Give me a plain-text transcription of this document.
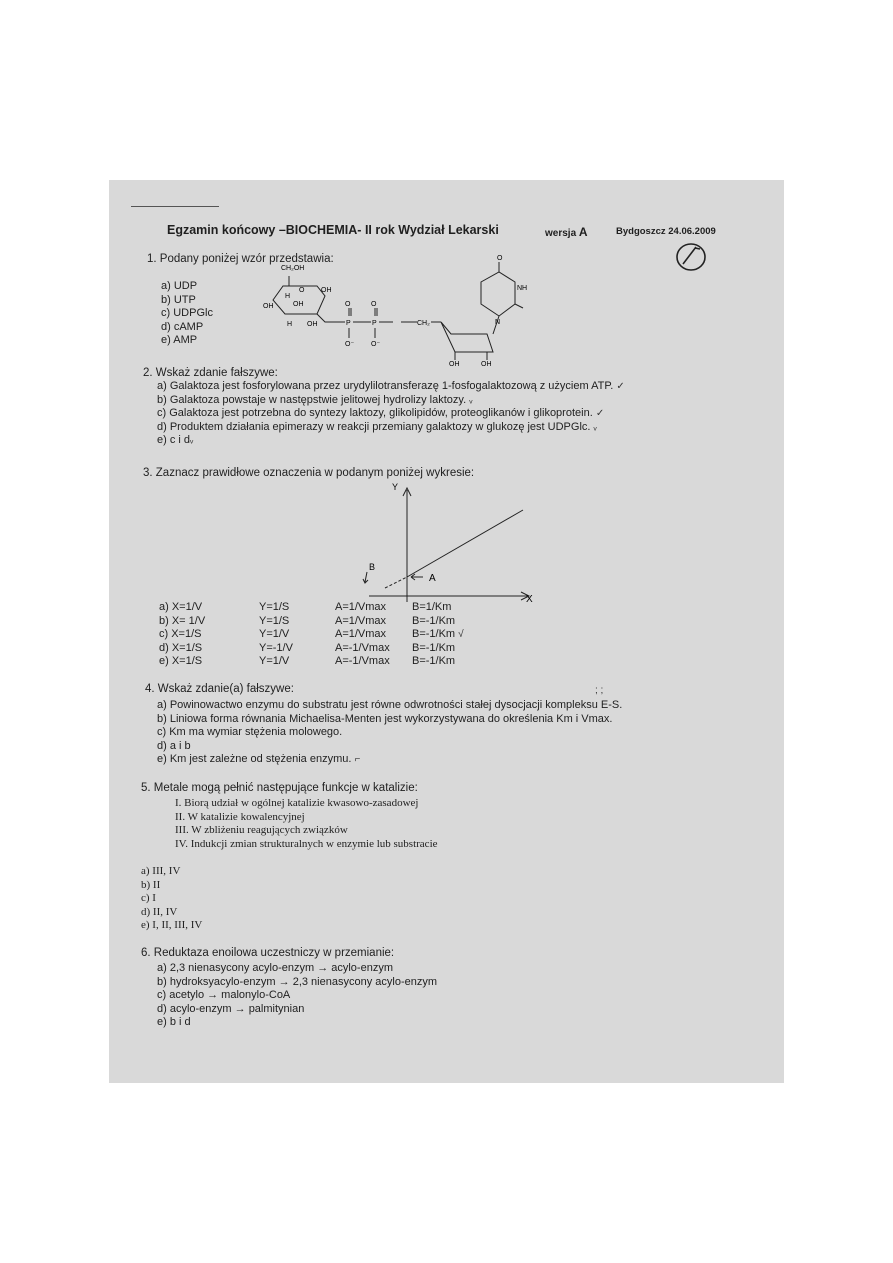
Egzamin końcowy –BIOCHEMIA- II rok Wydział Lekarski	wersja A	Bydgoszcz 24.06.2009
1. Podany poniżej wzór przedstawia:
a) UDP
b) UTP
c) UDPGlc
d) cAMP
e) AMP
CH₂OH
O OH
OH
H
OH
H OH
O	O
P	P
O⁻ O⁻
CH₂
NH
N
O
OH	OH
2. Wskaż zdanie fałszywe:
a) Galaktoza jest fosforylowana przez urydylilotransferazę 1-fosfogalaktozową z użyciem ATP. ✓
b) Galaktoza powstaje w następstwie jelitowej hydrolizy laktozy. ᵥ
c) Galaktoza jest potrzebna do syntezy laktozy, glikolipidów, proteoglikanów i glikoprotein. ✓
d) Produktem działania epimerazy w reakcji przemiany galaktozy w glukozę jest UDPGlc. ᵥ
e) c i dᵥ
3. Zaznacz prawidłowe oznaczenia w podanym poniżej wykresie:
Y
X
A
B
a) X=1/V	Y=1/S	A=1/Vmax B=1/Km
b) X= 1/V	Y=1/S	A=1/Vmax B=-1/Km
c) X=1/S	Y=1/V	A=1/Vmax B=-1/Km √
d) X=1/S	Y=-1/V	A=-1/Vmax B=-1/Km
e) X=1/S	Y=1/V	A=-1/Vmax B=-1/Km
4. Wskaż zdanie(a) fałszywe:	; ;
a) Powinowactwo enzymu do substratu jest równe odwrotności stałej dysocjacji kompleksu E-S.
b) Liniowa forma równania Michaelisa-Menten jest wykorzystywana do określenia Km i Vmax.
c) Km ma wymiar stężenia molowego.
d) a i b
e) Km jest zależne od stężenia enzymu. ⌐
5. Metale mogą pełnić następujące funkcje w katalizie:
I. Biorą udział w ogólnej katalizie kwasowo-zasadowej
II. W katalizie kowalencyjnej
III. W zbliżeniu reagujących związków
IV. Indukcji zmian strukturalnych w enzymie lub substracie
a) III, IV
b) II
c) I
d) II, IV
e) I, II, III, IV
6. Reduktaza enoilowa uczestniczy w przemianie:
a) 2,3 nienasycony acylo-enzym → acylo-enzym
b) hydroksyacylo-enzym → 2,3 nienasycony acylo-enzym
c) acetylo → malonylo-CoA
d) acylo-enzym → palmitynian
e) b i d
